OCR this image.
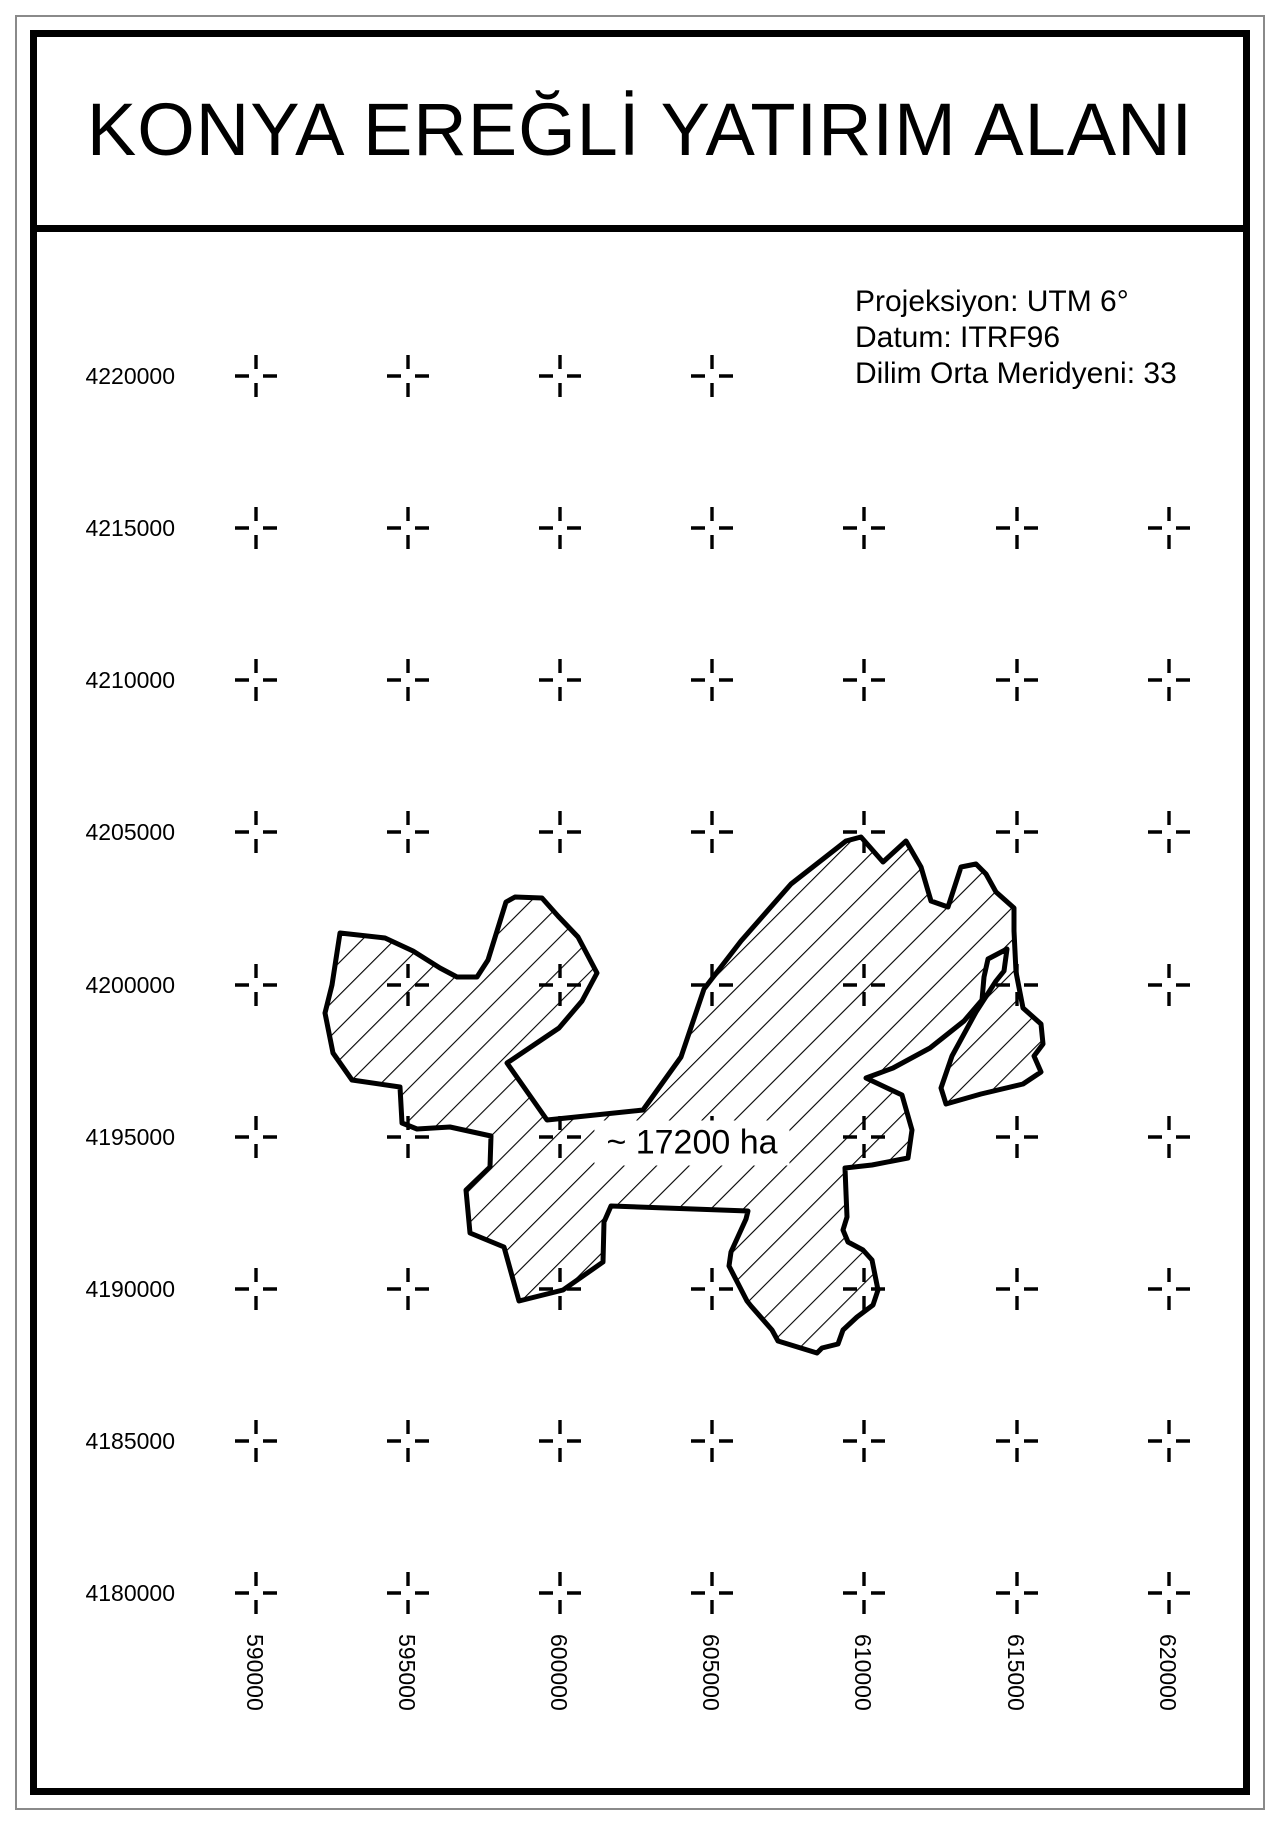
KONYA EREĞLİ YATIRIM ALANI
Projeksiyon: UTM 6°
Datum: ITRF96
Dilim Orta Meridyeni: 33
4220000
4215000
4210000
4205000
4200000
4195000
4190000
4185000
4180000
590000	595000	600000	605000	610000	615000	620000
~ 17200 ha
